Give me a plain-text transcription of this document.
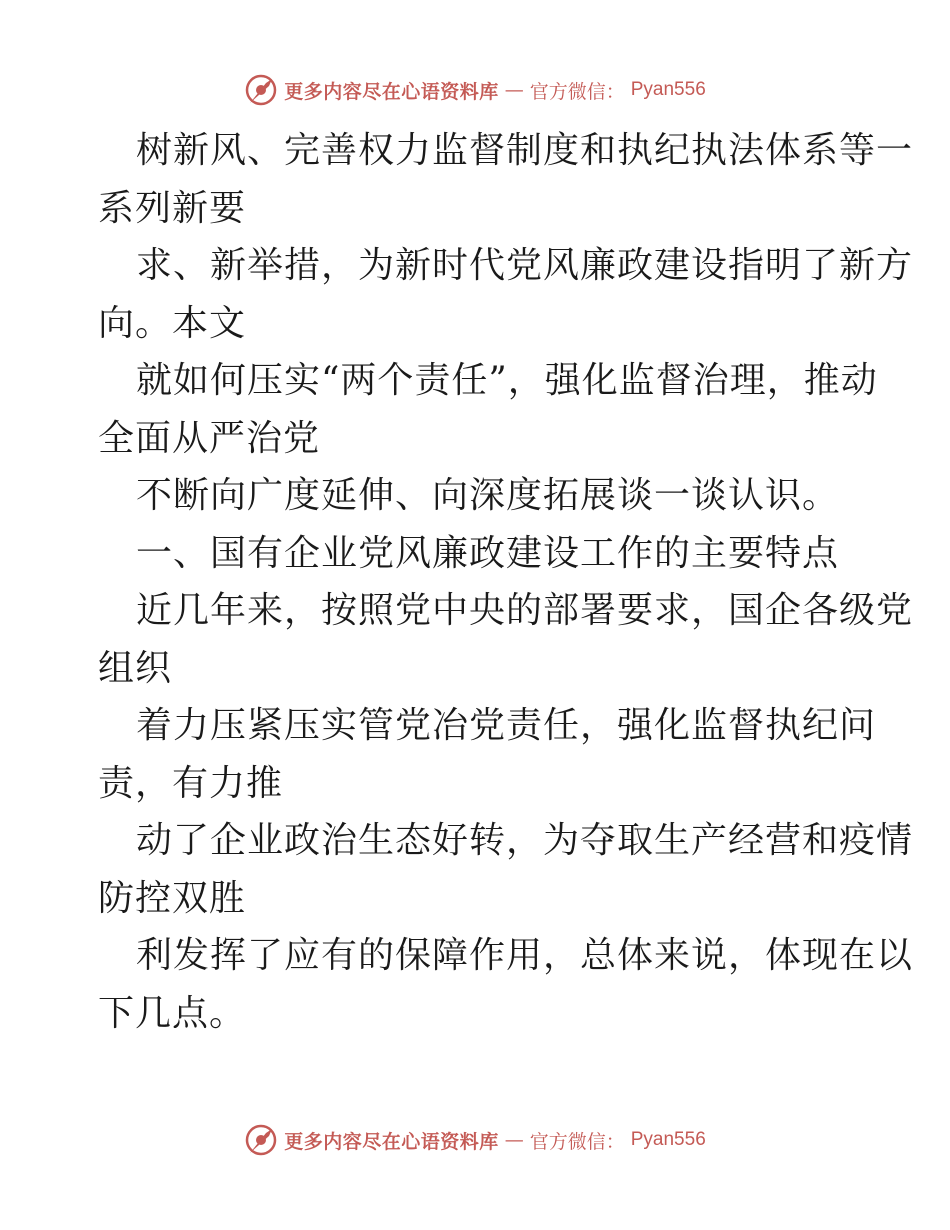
更多内容尽在心语资料库 — 官方微信： Pyan556
树新风、完善权力监督制度和执纪执法体系等一
系列新要
求、新举措，为新时代党风廉政建设指明了新方
向。本文
就如何压实“两个责任”，强化监督治理，推动
全面从严治党
不断向广度延伸、向深度拓展谈一谈认识。
一、国有企业党风廉政建设工作的主要特点
近几年来，按照党中央的部署要求，国企各级党
组织
着力压紧压实管党冶党责任，强化监督执纪问
责，有力推
动了企业政治生态好转，为夺取生产经营和疫情
防控双胜
利发挥了应有的保障作用，总体来说，体现在以
下几点。
更多内容尽在心语资料库 — 官方微信： Pyan556
